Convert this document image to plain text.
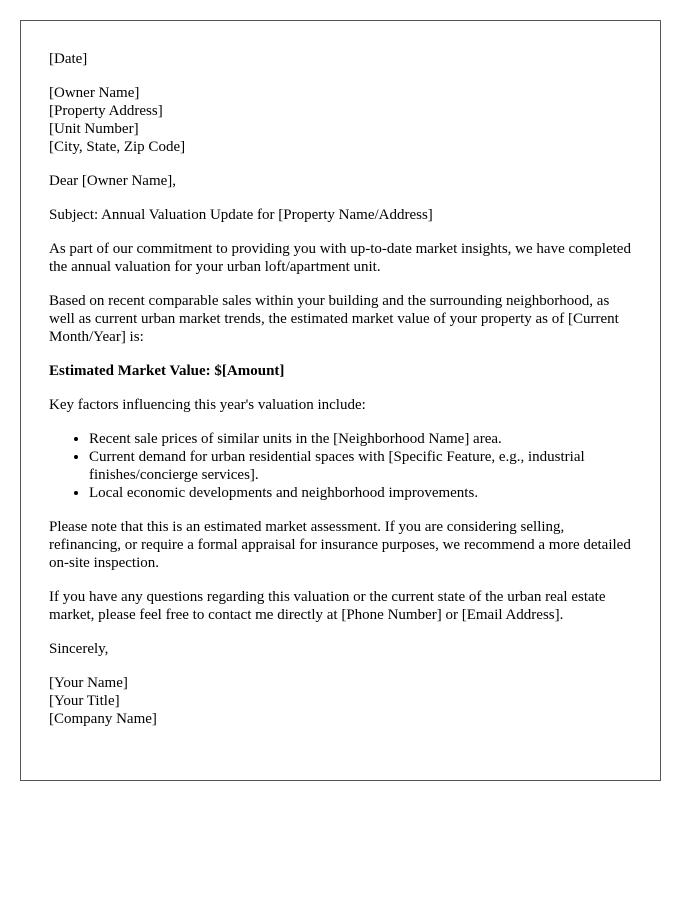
[Date]

[Owner Name]
[Property Address]
[Unit Number]
[City, State, Zip Code]

Dear [Owner Name],

Subject: Annual Valuation Update for [Property Name/Address]

As part of our commitment to providing you with up-to-date market insights, we have completed the annual valuation for your urban loft/apartment unit.

Based on recent comparable sales within your building and the surrounding neighborhood, as well as current urban market trends, the estimated market value of your property as of [Current Month/Year] is:

Estimated Market Value: $[Amount]

Key factors influencing this year's valuation include:

• Recent sale prices of similar units in the [Neighborhood Name] area.
• Current demand for urban residential spaces with [Specific Feature, e.g., industrial finishes/concierge services].
• Local economic developments and neighborhood improvements.

Please note that this is an estimated market assessment. If you are considering selling, refinancing, or require a formal appraisal for insurance purposes, we recommend a more detailed on-site inspection.

If you have any questions regarding this valuation or the current state of the urban real estate market, please feel free to contact me directly at [Phone Number] or [Email Address].

Sincerely,

[Your Name]
[Your Title]
[Company Name]
